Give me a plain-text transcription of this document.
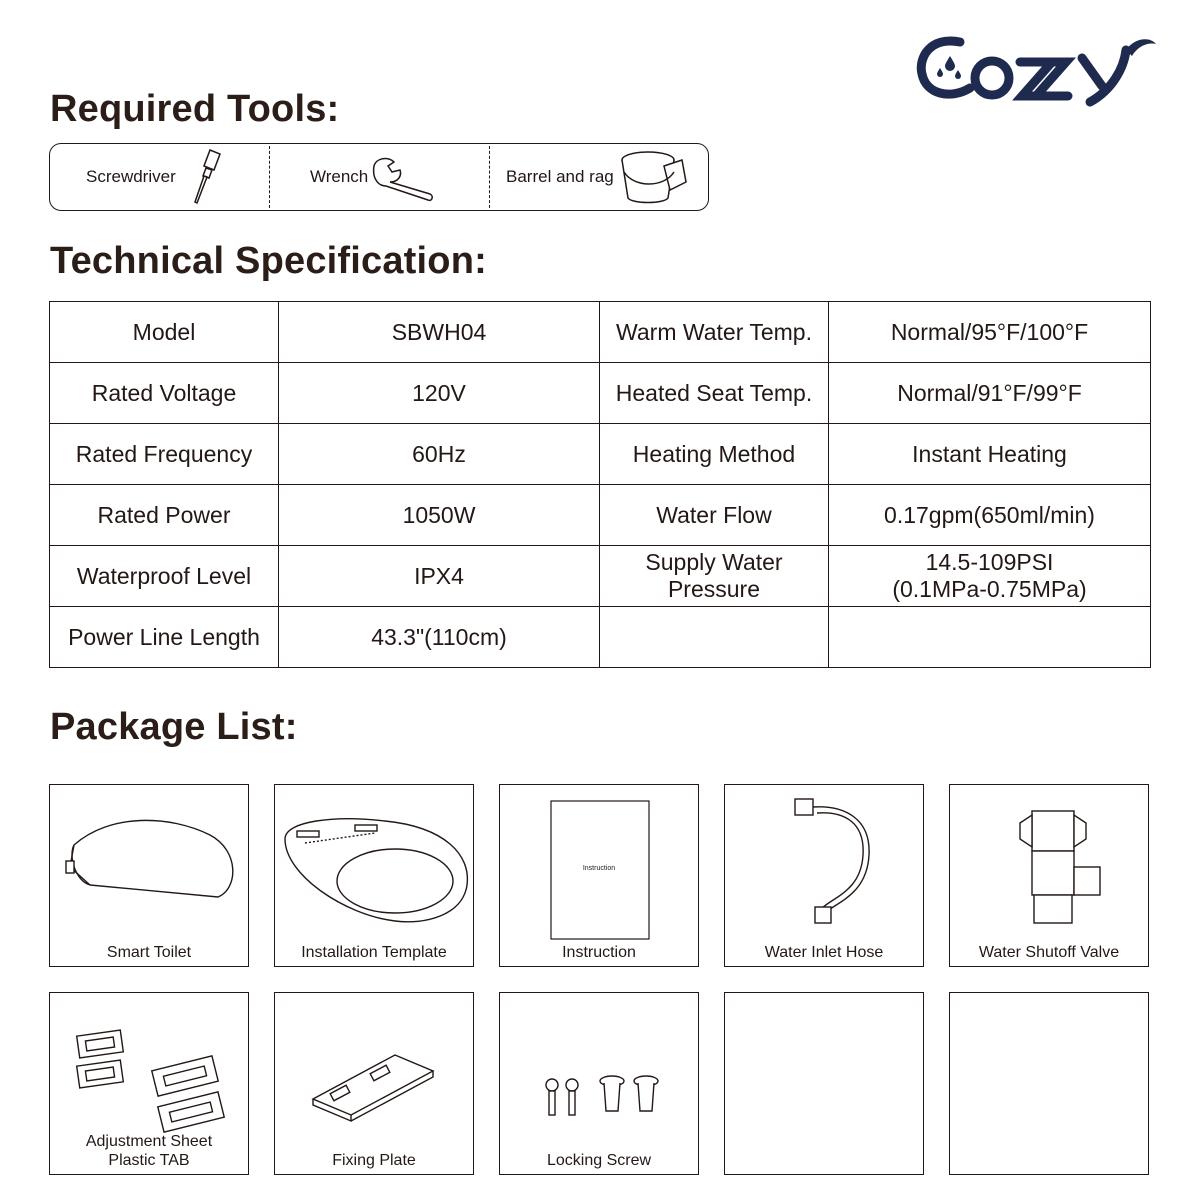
Required Tools:
Screwdriver	Wrench	Barrel and rag
Technical Specification:
Model	SBWH04	Warm Water Temp.	Normal/95°F/100°F
Rated Voltage	120V	Heated Seat Temp.	Normal/91°F/99°F
Rated Frequency	60Hz	Heating Method	Instant Heating
Rated Power	1050W	Water Flow	0.17gpm(650ml/min)
Waterproof Level	IPX4	Supply Water Pressure	14.5-109PSI (0.1MPa-0.75MPa)
Power Line Length	43.3"(110cm)		
Package List:
Smart Toilet	Installation Template
Instruction
Instruction	Water Inlet Hose	Water Shutoff Valve
Adjustment Sheet Plastic TAB	Fixing Plate	Locking Screw
